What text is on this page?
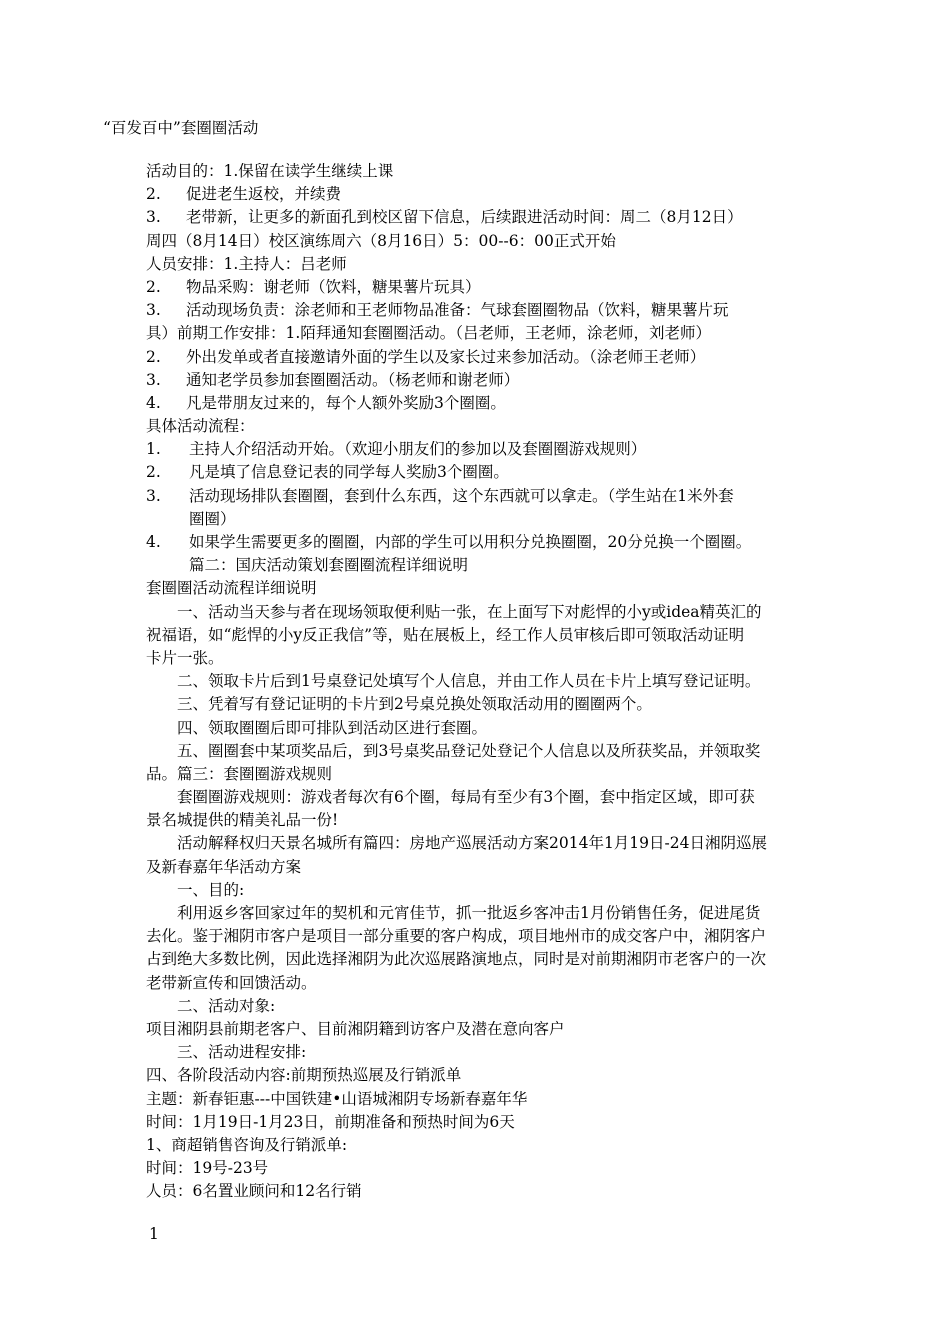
“百发百中”套圈圈活动
活动目的：1.保留在读学生继续上课
2. 促进老生返校，并续费
3. 老带新，让更多的新面孔到校区留下信息，后续跟进活动时间：周二（8月12日）
周四（8月14日）校区演练周六（8月16日）5：00--6：00正式开始
人员安排：1.主持人：吕老师
2. 物品采购：谢老师（饮料，糖果薯片玩具）
3. 活动现场负责：涂老师和王老师物品准备：气球套圈圈物品（饮料，糖果薯片玩
具）前期工作安排：1.陌拜通知套圈圈活动。（吕老师，王老师，涂老师，刘老师）
2. 外出发单或者直接邀请外面的学生以及家长过来参加活动。（涂老师王老师）
3. 通知老学员参加套圈圈活动。（杨老师和谢老师）
4. 凡是带朋友过来的，每个人额外奖励3个圈圈。
具体活动流程：
1. 主持人介绍活动开始。（欢迎小朋友们的参加以及套圈圈游戏规则）
2. 凡是填了信息登记表的同学每人奖励3个圈圈。
3. 活动现场排队套圈圈，套到什么东西，这个东西就可以拿走。（学生站在1米外套
圈圈）
4. 如果学生需要更多的圈圈，内部的学生可以用积分兑换圈圈，20分兑换一个圈圈。
篇二：国庆活动策划套圈圈流程详细说明
套圈圈活动流程详细说明
一、活动当天参与者在现场领取便利贴一张，在上面写下对彪悍的小y或idea精英汇的
祝福语，如“彪悍的小y反正我信”等，贴在展板上，经工作人员审核后即可领取活动证明
卡片一张。
二、领取卡片后到1号桌登记处填写个人信息，并由工作人员在卡片上填写登记证明。
三、凭着写有登记证明的卡片到2号桌兑换处领取活动用的圈圈两个。
四、领取圈圈后即可排队到活动区进行套圈。
五、圈圈套中某项奖品后，到3号桌奖品登记处登记个人信息以及所获奖品，并领取奖
品。篇三：套圈圈游戏规则
套圈圈游戏规则：游戏者每次有6个圈，每局有至少有3个圈，套中指定区域，即可获
景名城提供的精美礼品一份!
活动解释权归天景名城所有篇四：房地产巡展活动方案2014年1月19日-24日湘阴巡展
及新春嘉年华活动方案
一、目的:
利用返乡客回家过年的契机和元宵佳节，抓一批返乡客冲击1月份销售任务，促进尾货
去化。鉴于湘阴市客户是项目一部分重要的客户构成，项目地州市的成交客户中，湘阴客户
占到绝大多数比例，因此选择湘阴为此次巡展路演地点，同时是对前期湘阴市老客户的一次
老带新宣传和回馈活动。
二、活动对象:
项目湘阴县前期老客户、目前湘阴籍到访客户及潜在意向客户
三、活动进程安排:
四、各阶段活动内容:前期预热巡展及行销派单
主题：新春钜惠---中国铁建•山语城湘阴专场新春嘉年华
时间：1月19日-1月23日，前期准备和预热时间为6天
1、商超销售咨询及行销派单:
时间：19号-23号
人员：6名置业顾问和12名行销
1
